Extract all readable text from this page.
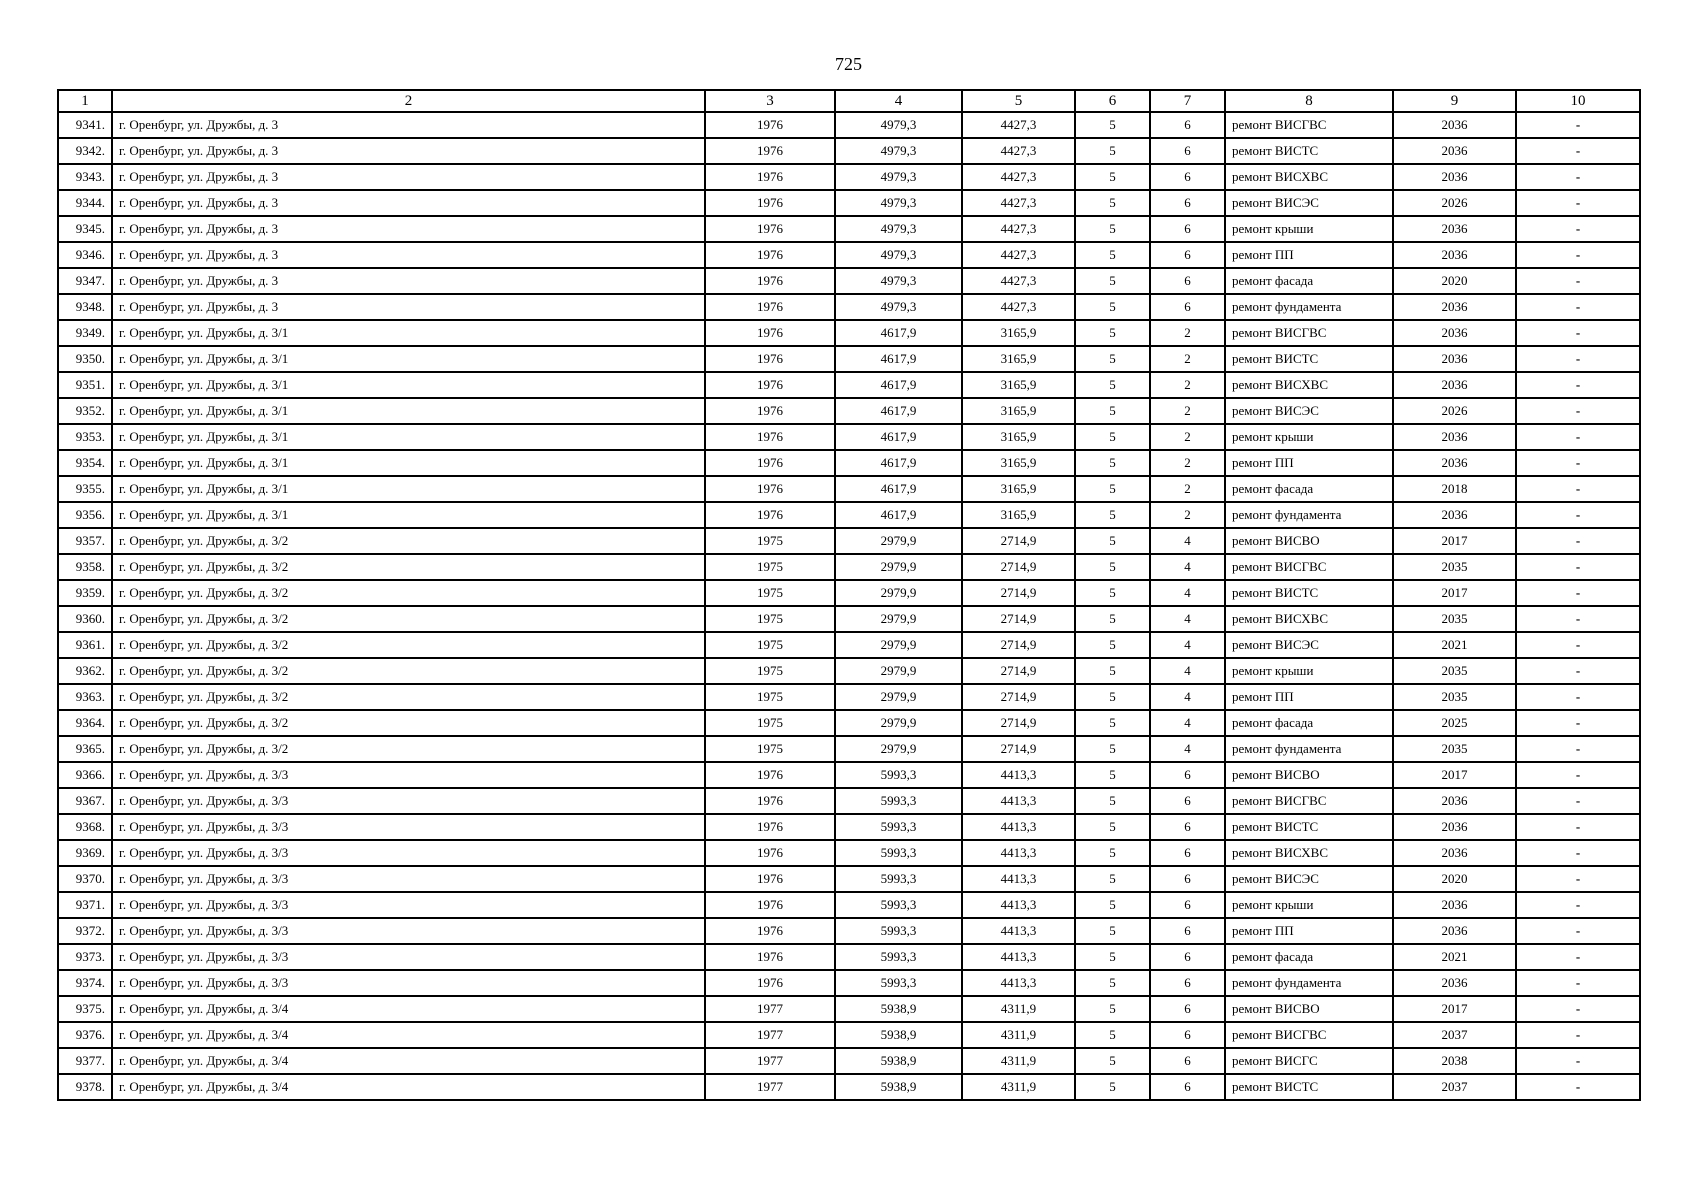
725
1	2	3	4	5	6	7	8	9	10
9341.	г. Оренбург, ул. Дружбы, д. 3	1976	4979,3	4427,3	5	6	ремонт ВИСГВС	2036	-
9342.	г. Оренбург, ул. Дружбы, д. 3	1976	4979,3	4427,3	5	6	ремонт ВИСТС	2036	-
9343.	г. Оренбург, ул. Дружбы, д. 3	1976	4979,3	4427,3	5	6	ремонт ВИСХВС	2036	-
9344.	г. Оренбург, ул. Дружбы, д. 3	1976	4979,3	4427,3	5	6	ремонт ВИСЭС	2026	-
9345.	г. Оренбург, ул. Дружбы, д. 3	1976	4979,3	4427,3	5	6	ремонт крыши	2036	-
9346.	г. Оренбург, ул. Дружбы, д. 3	1976	4979,3	4427,3	5	6	ремонт ПП	2036	-
9347.	г. Оренбург, ул. Дружбы, д. 3	1976	4979,3	4427,3	5	6	ремонт фасада	2020	-
9348.	г. Оренбург, ул. Дружбы, д. 3	1976	4979,3	4427,3	5	6	ремонт фундамента	2036	-
9349.	г. Оренбург, ул. Дружбы, д. 3/1	1976	4617,9	3165,9	5	2	ремонт ВИСГВС	2036	-
9350.	г. Оренбург, ул. Дружбы, д. 3/1	1976	4617,9	3165,9	5	2	ремонт ВИСТС	2036	-
9351.	г. Оренбург, ул. Дружбы, д. 3/1	1976	4617,9	3165,9	5	2	ремонт ВИСХВС	2036	-
9352.	г. Оренбург, ул. Дружбы, д. 3/1	1976	4617,9	3165,9	5	2	ремонт ВИСЭС	2026	-
9353.	г. Оренбург, ул. Дружбы, д. 3/1	1976	4617,9	3165,9	5	2	ремонт крыши	2036	-
9354.	г. Оренбург, ул. Дружбы, д. 3/1	1976	4617,9	3165,9	5	2	ремонт ПП	2036	-
9355.	г. Оренбург, ул. Дружбы, д. 3/1	1976	4617,9	3165,9	5	2	ремонт фасада	2018	-
9356.	г. Оренбург, ул. Дружбы, д. 3/1	1976	4617,9	3165,9	5	2	ремонт фундамента	2036	-
9357.	г. Оренбург, ул. Дружбы, д. 3/2	1975	2979,9	2714,9	5	4	ремонт ВИСВО	2017	-
9358.	г. Оренбург, ул. Дружбы, д. 3/2	1975	2979,9	2714,9	5	4	ремонт ВИСГВС	2035	-
9359.	г. Оренбург, ул. Дружбы, д. 3/2	1975	2979,9	2714,9	5	4	ремонт ВИСТС	2017	-
9360.	г. Оренбург, ул. Дружбы, д. 3/2	1975	2979,9	2714,9	5	4	ремонт ВИСХВС	2035	-
9361.	г. Оренбург, ул. Дружбы, д. 3/2	1975	2979,9	2714,9	5	4	ремонт ВИСЭС	2021	-
9362.	г. Оренбург, ул. Дружбы, д. 3/2	1975	2979,9	2714,9	5	4	ремонт крыши	2035	-
9363.	г. Оренбург, ул. Дружбы, д. 3/2	1975	2979,9	2714,9	5	4	ремонт ПП	2035	-
9364.	г. Оренбург, ул. Дружбы, д. 3/2	1975	2979,9	2714,9	5	4	ремонт фасада	2025	-
9365.	г. Оренбург, ул. Дружбы, д. 3/2	1975	2979,9	2714,9	5	4	ремонт фундамента	2035	-
9366.	г. Оренбург, ул. Дружбы, д. 3/3	1976	5993,3	4413,3	5	6	ремонт ВИСВО	2017	-
9367.	г. Оренбург, ул. Дружбы, д. 3/3	1976	5993,3	4413,3	5	6	ремонт ВИСГВС	2036	-
9368.	г. Оренбург, ул. Дружбы, д. 3/3	1976	5993,3	4413,3	5	6	ремонт ВИСТС	2036	-
9369.	г. Оренбург, ул. Дружбы, д. 3/3	1976	5993,3	4413,3	5	6	ремонт ВИСХВС	2036	-
9370.	г. Оренбург, ул. Дружбы, д. 3/3	1976	5993,3	4413,3	5	6	ремонт ВИСЭС	2020	-
9371.	г. Оренбург, ул. Дружбы, д. 3/3	1976	5993,3	4413,3	5	6	ремонт крыши	2036	-
9372.	г. Оренбург, ул. Дружбы, д. 3/3	1976	5993,3	4413,3	5	6	ремонт ПП	2036	-
9373.	г. Оренбург, ул. Дружбы, д. 3/3	1976	5993,3	4413,3	5	6	ремонт фасада	2021	-
9374.	г. Оренбург, ул. Дружбы, д. 3/3	1976	5993,3	4413,3	5	6	ремонт фундамента	2036	-
9375.	г. Оренбург, ул. Дружбы, д. 3/4	1977	5938,9	4311,9	5	6	ремонт ВИСВО	2017	-
9376.	г. Оренбург, ул. Дружбы, д. 3/4	1977	5938,9	4311,9	5	6	ремонт ВИСГВС	2037	-
9377.	г. Оренбург, ул. Дружбы, д. 3/4	1977	5938,9	4311,9	5	6	ремонт ВИСГС	2038	-
9378.	г. Оренбург, ул. Дружбы, д. 3/4	1977	5938,9	4311,9	5	6	ремонт ВИСТС	2037	-
